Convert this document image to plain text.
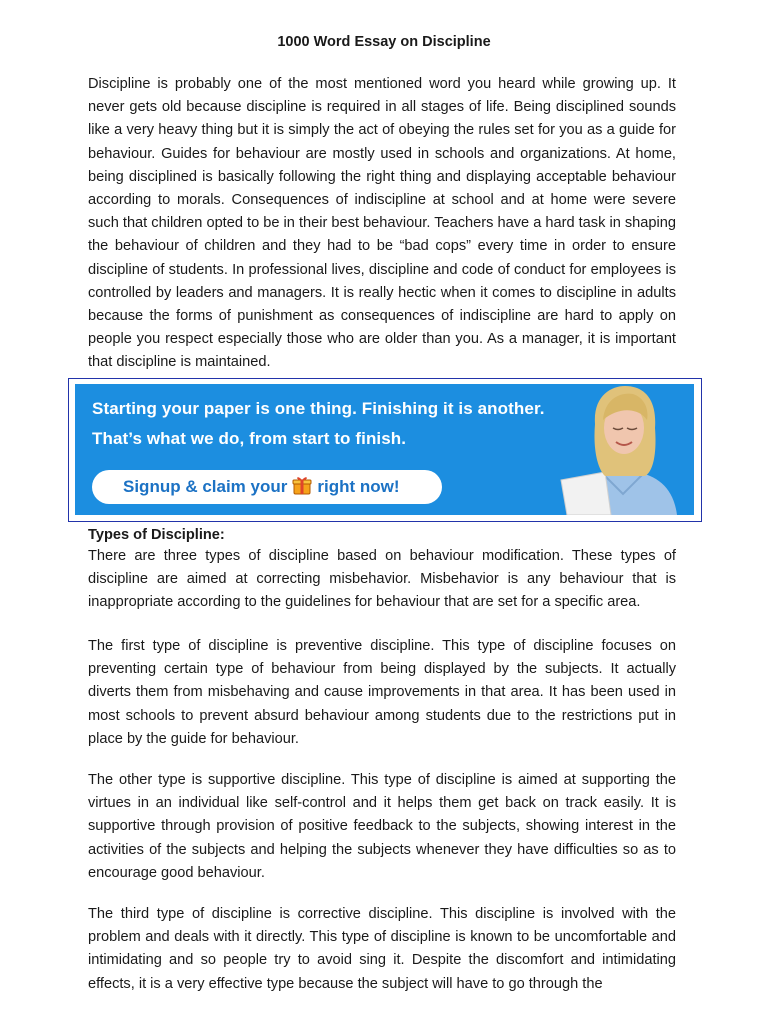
1000 Word Essay on Discipline

Discipline is probably one of the most mentioned word you heard while growing up. It never gets old because discipline is required in all stages of life. Being disciplined sounds like a very heavy thing but it is simply the act of obeying the rules set for you as a guide for behaviour. Guides for behaviour are mostly used in schools and organizations. At home, being disciplined is basically following the right thing and displaying acceptable behaviour according to morals. Consequences of indiscipline at school and at home were severe such that children opted to be in their best behaviour. Teachers have a hard task in shaping the behaviour of children and they had to be “bad cops” every time in order to ensure discipline of students. In professional lives, discipline and code of conduct for employees is controlled by leaders and managers. It is really hectic when it comes to discipline in adults because the forms of punishment as consequences of indiscipline are hard to apply on people you respect especially those who are older than you. As a manager, it is important that discipline is maintained.

Starting your paper is one thing. Finishing it is another.
That’s what we do, from start to finish.
Signup & claim your right now!
Types of Discipline:

There are three types of discipline based on behaviour modification. These types of discipline are aimed at correcting misbehavior. Misbehavior is any behaviour that is inappropriate according to the guidelines for behaviour that are set for a specific area.

The first type of discipline is preventive discipline. This type of discipline focuses on preventing certain type of behaviour from being displayed by the subjects. It actually diverts them from misbehaving and cause improvements in that area. It has been used in most schools to prevent absurd behaviour among students due to the restrictions put in place by the guide for behaviour.

The other type is supportive discipline. This type of discipline is aimed at supporting the virtues in an individual like self-control and it helps them get back on track easily. It is supportive through provision of positive feedback to the subjects, showing interest in the activities of the subjects and helping the subjects whenever they have difficulties so as to encourage good behaviour.

The third type of discipline is corrective discipline. This discipline is involved with the problem and deals with it directly. This type of discipline is known to be uncomfortable and intimidating and so people try to avoid sing it. Despite the discomfort and intimidating effects, it is a very effective type because the subject will have to go through the
